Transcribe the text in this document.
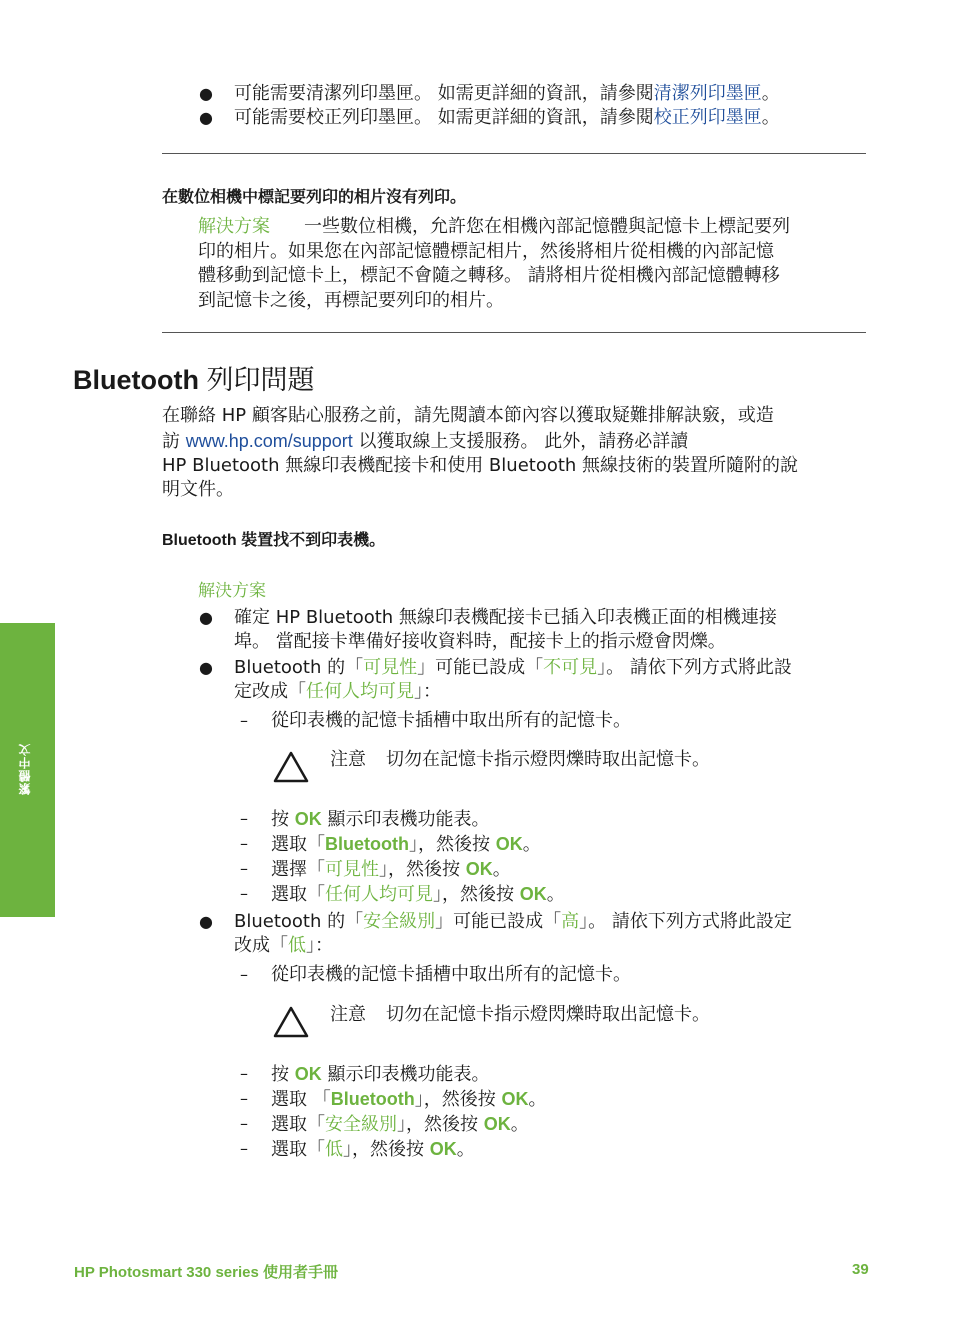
● 可能需要清潔列印墨匣。 如需更詳細的資訊，請參閱清潔列印墨匣。
● 可能需要校正列印墨匣。 如需更詳細的資訊，請參閱校正列印墨匣。
在數位相機中標記要列印的相片沒有列印。
解決方案 一些數位相機，允許您在相機內部記憶體與記憶卡上標記要列
印的相片。如果您在內部記憶體標記相片，然後將相片從相機的內部記憶
體移動到記憶卡上，標記不會隨之轉移。 請將相片從相機內部記憶體轉移
到記憶卡之後，再標記要列印的相片。
Bluetooth 列印問題
在聯絡 HP 顧客貼心服務之前，請先閱讀本節內容以獲取疑難排解訣竅，或造
訪 www.hp.com/support 以獲取線上支援服務。 此外，請務必詳讀
HP Bluetooth 無線印表機配接卡和使用 Bluetooth 無線技術的裝置所隨附的說
明文件。
Bluetooth 裝置找不到印表機。
解決方案
● 確定 HP Bluetooth 無線印表機配接卡已插入印表機正面的相機連接
埠。 當配接卡準備好接收資料時，配接卡上的指示燈會閃爍。
● Bluetooth 的「可見性」可能已設成「不可見」。 請依下列方式將此設
定改成「任何人均可見」：
– 從印表機的記憶卡插槽中取出所有的記憶卡。
注意 切勿在記憶卡指示燈閃爍時取出記憶卡。
– 按 OK 顯示印表機功能表。
– 選取「Bluetooth」，然後按 OK。
– 選擇「可見性」，然後按 OK。
– 選取「任何人均可見」，然後按 OK。
● Bluetooth 的「安全級別」可能已設成「高」。 請依下列方式將此設定
改成「低」：
– 從印表機的記憶卡插槽中取出所有的記憶卡。
注意 切勿在記憶卡指示燈閃爍時取出記憶卡。
– 按 OK 顯示印表機功能表。
– 選取 「Bluetooth」，然後按 OK。
– 選取「安全級別」，然後按 OK。
– 選取「低」，然後按 OK。
繁體中文
HP Photosmart 330 series 使用者手冊	39
